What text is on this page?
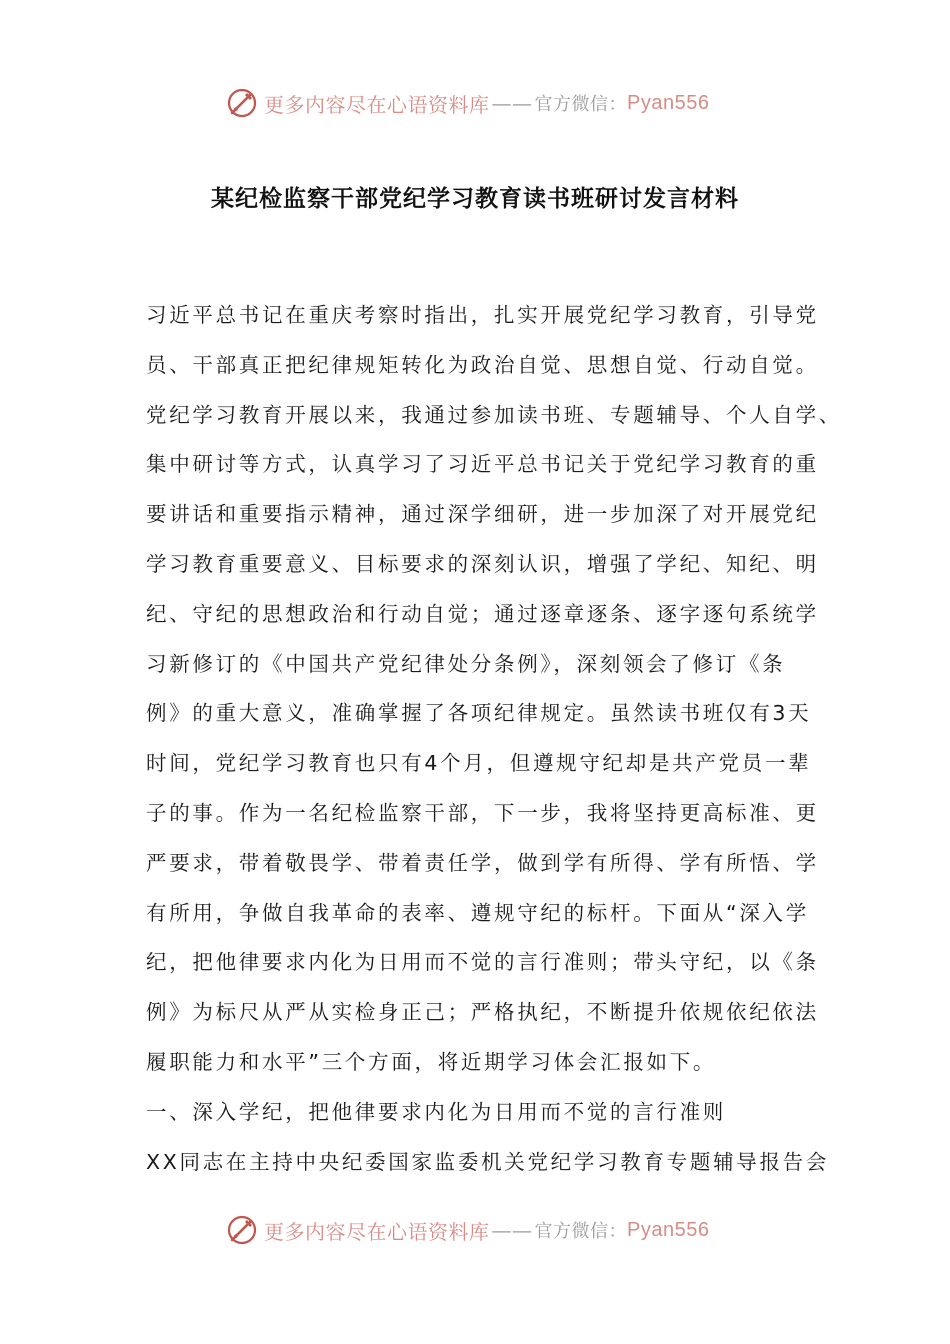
更多内容尽在心语资料库 —— 官方微信： Pyan556
某纪检监察干部党纪学习教育读书班研讨发言材料
习近平总书记在重庆考察时指出，扎实开展党纪学习教育，引导党
员、干部真正把纪律规矩转化为政治自觉、思想自觉、行动自觉。
党纪学习教育开展以来，我通过参加读书班、专题辅导、个人自学、
集中研讨等方式，认真学习了习近平总书记关于党纪学习教育的重
要讲话和重要指示精神，通过深学细研，进一步加深了对开展党纪
学习教育重要意义、目标要求的深刻认识，增强了学纪、知纪、明
纪、守纪的思想政治和行动自觉；通过逐章逐条、逐字逐句系统学
习新修订的《中国共产党纪律处分条例》，深刻领会了修订《条
例》的重大意义，准确掌握了各项纪律规定。虽然读书班仅有3天
时间，党纪学习教育也只有4个月，但遵规守纪却是共产党员一辈
子的事。作为一名纪检监察干部，下一步，我将坚持更高标准、更
严要求，带着敬畏学、带着责任学，做到学有所得、学有所悟、学
有所用，争做自我革命的表率、遵规守纪的标杆。下面从“深入学
纪，把他律要求内化为日用而不觉的言行准则；带头守纪，以《条
例》为标尺从严从实检身正己；严格执纪，不断提升依规依纪依法
履职能力和水平”三个方面，将近期学习体会汇报如下。
一、深入学纪，把他律要求内化为日用而不觉的言行准则
XX同志在主持中央纪委国家监委机关党纪学习教育专题辅导报告会
更多内容尽在心语资料库 —— 官方微信： Pyan556
